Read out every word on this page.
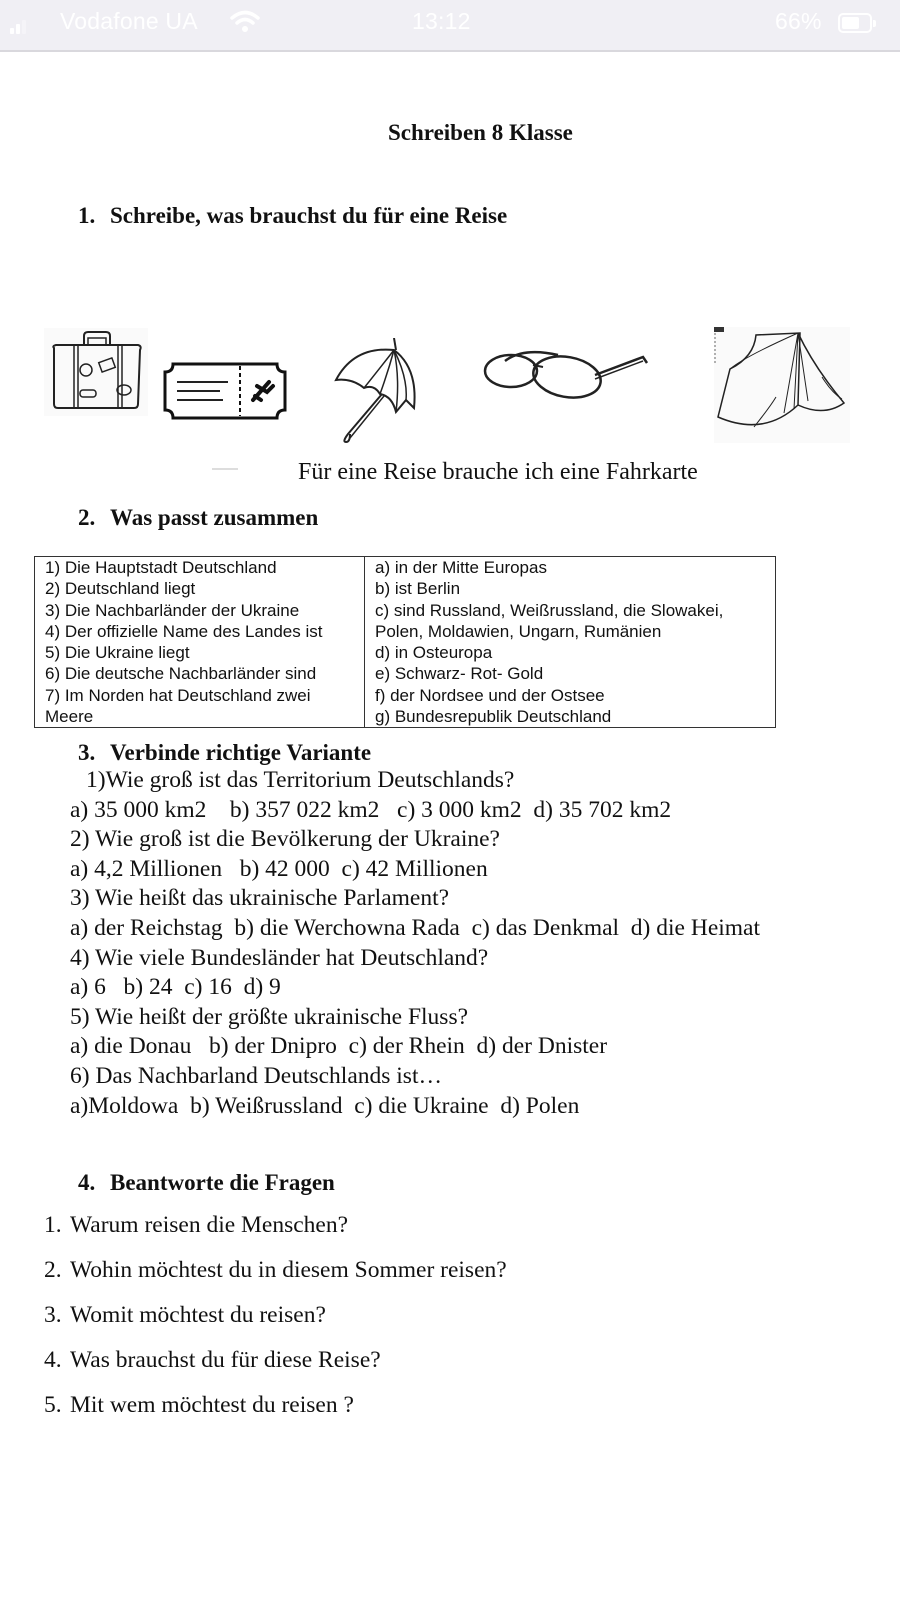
Vodafone UA	13:12	66%
Schreiben 8 Klasse
1. Schreibe, was brauchst du für eine Reise
Für eine Reise brauche ich eine Fahrkarte
2. Was passt zusammen
1) Die Hauptstadt Deutschland
2) Deutschland liegt
3) Die Nachbarländer der Ukraine
4) Der offizielle Name des Landes ist
5) Die Ukraine liegt
6) Die deutsche Nachbarländer sind
7) Im Norden hat Deutschland zwei
Meere

a) in der Mitte Europas
b) ist Berlin
c) sind Russland, Weißrussland, die Slowakei,
Polen, Moldawien, Ungarn, Rumänien
d) in Osteuropa
e) Schwarz- Rot- Gold
f) der Nordsee und der Ostsee
g) Bundesrepublik Deutschland
3. Verbinde richtige Variante
1)Wie groß ist das Territorium Deutschlands?
a) 35 000 km2    b) 357 022 km2   c) 3 000 km2  d) 35 702 km2
2) Wie groß ist die Bevölkerung der Ukraine?
a) 4,2 Millionen   b) 42 000  c) 42 Millionen
3) Wie heißt das ukrainische Parlament?
a) der Reichstag  b) die Werchowna Rada  c) das Denkmal  d) die Heimat
4) Wie viele Bundesländer hat Deutschland?
a) 6   b) 24  c) 16  d) 9
5) Wie heißt der größte ukrainische Fluss?
a) die Donau   b) der Dnipro  c) der Rhein  d) der Dnister
6) Das Nachbarland Deutschlands ist…
a)Moldowa  b) Weißrussland  c) die Ukraine  d) Polen
4. Beantworte die Fragen
1. Warum reisen die Menschen?
2. Wohin möchtest du in diesem Sommer reisen?
3. Womit möchtest du reisen?
4. Was brauchst du für diese Reise?
5. Mit wem möchtest du reisen ?
